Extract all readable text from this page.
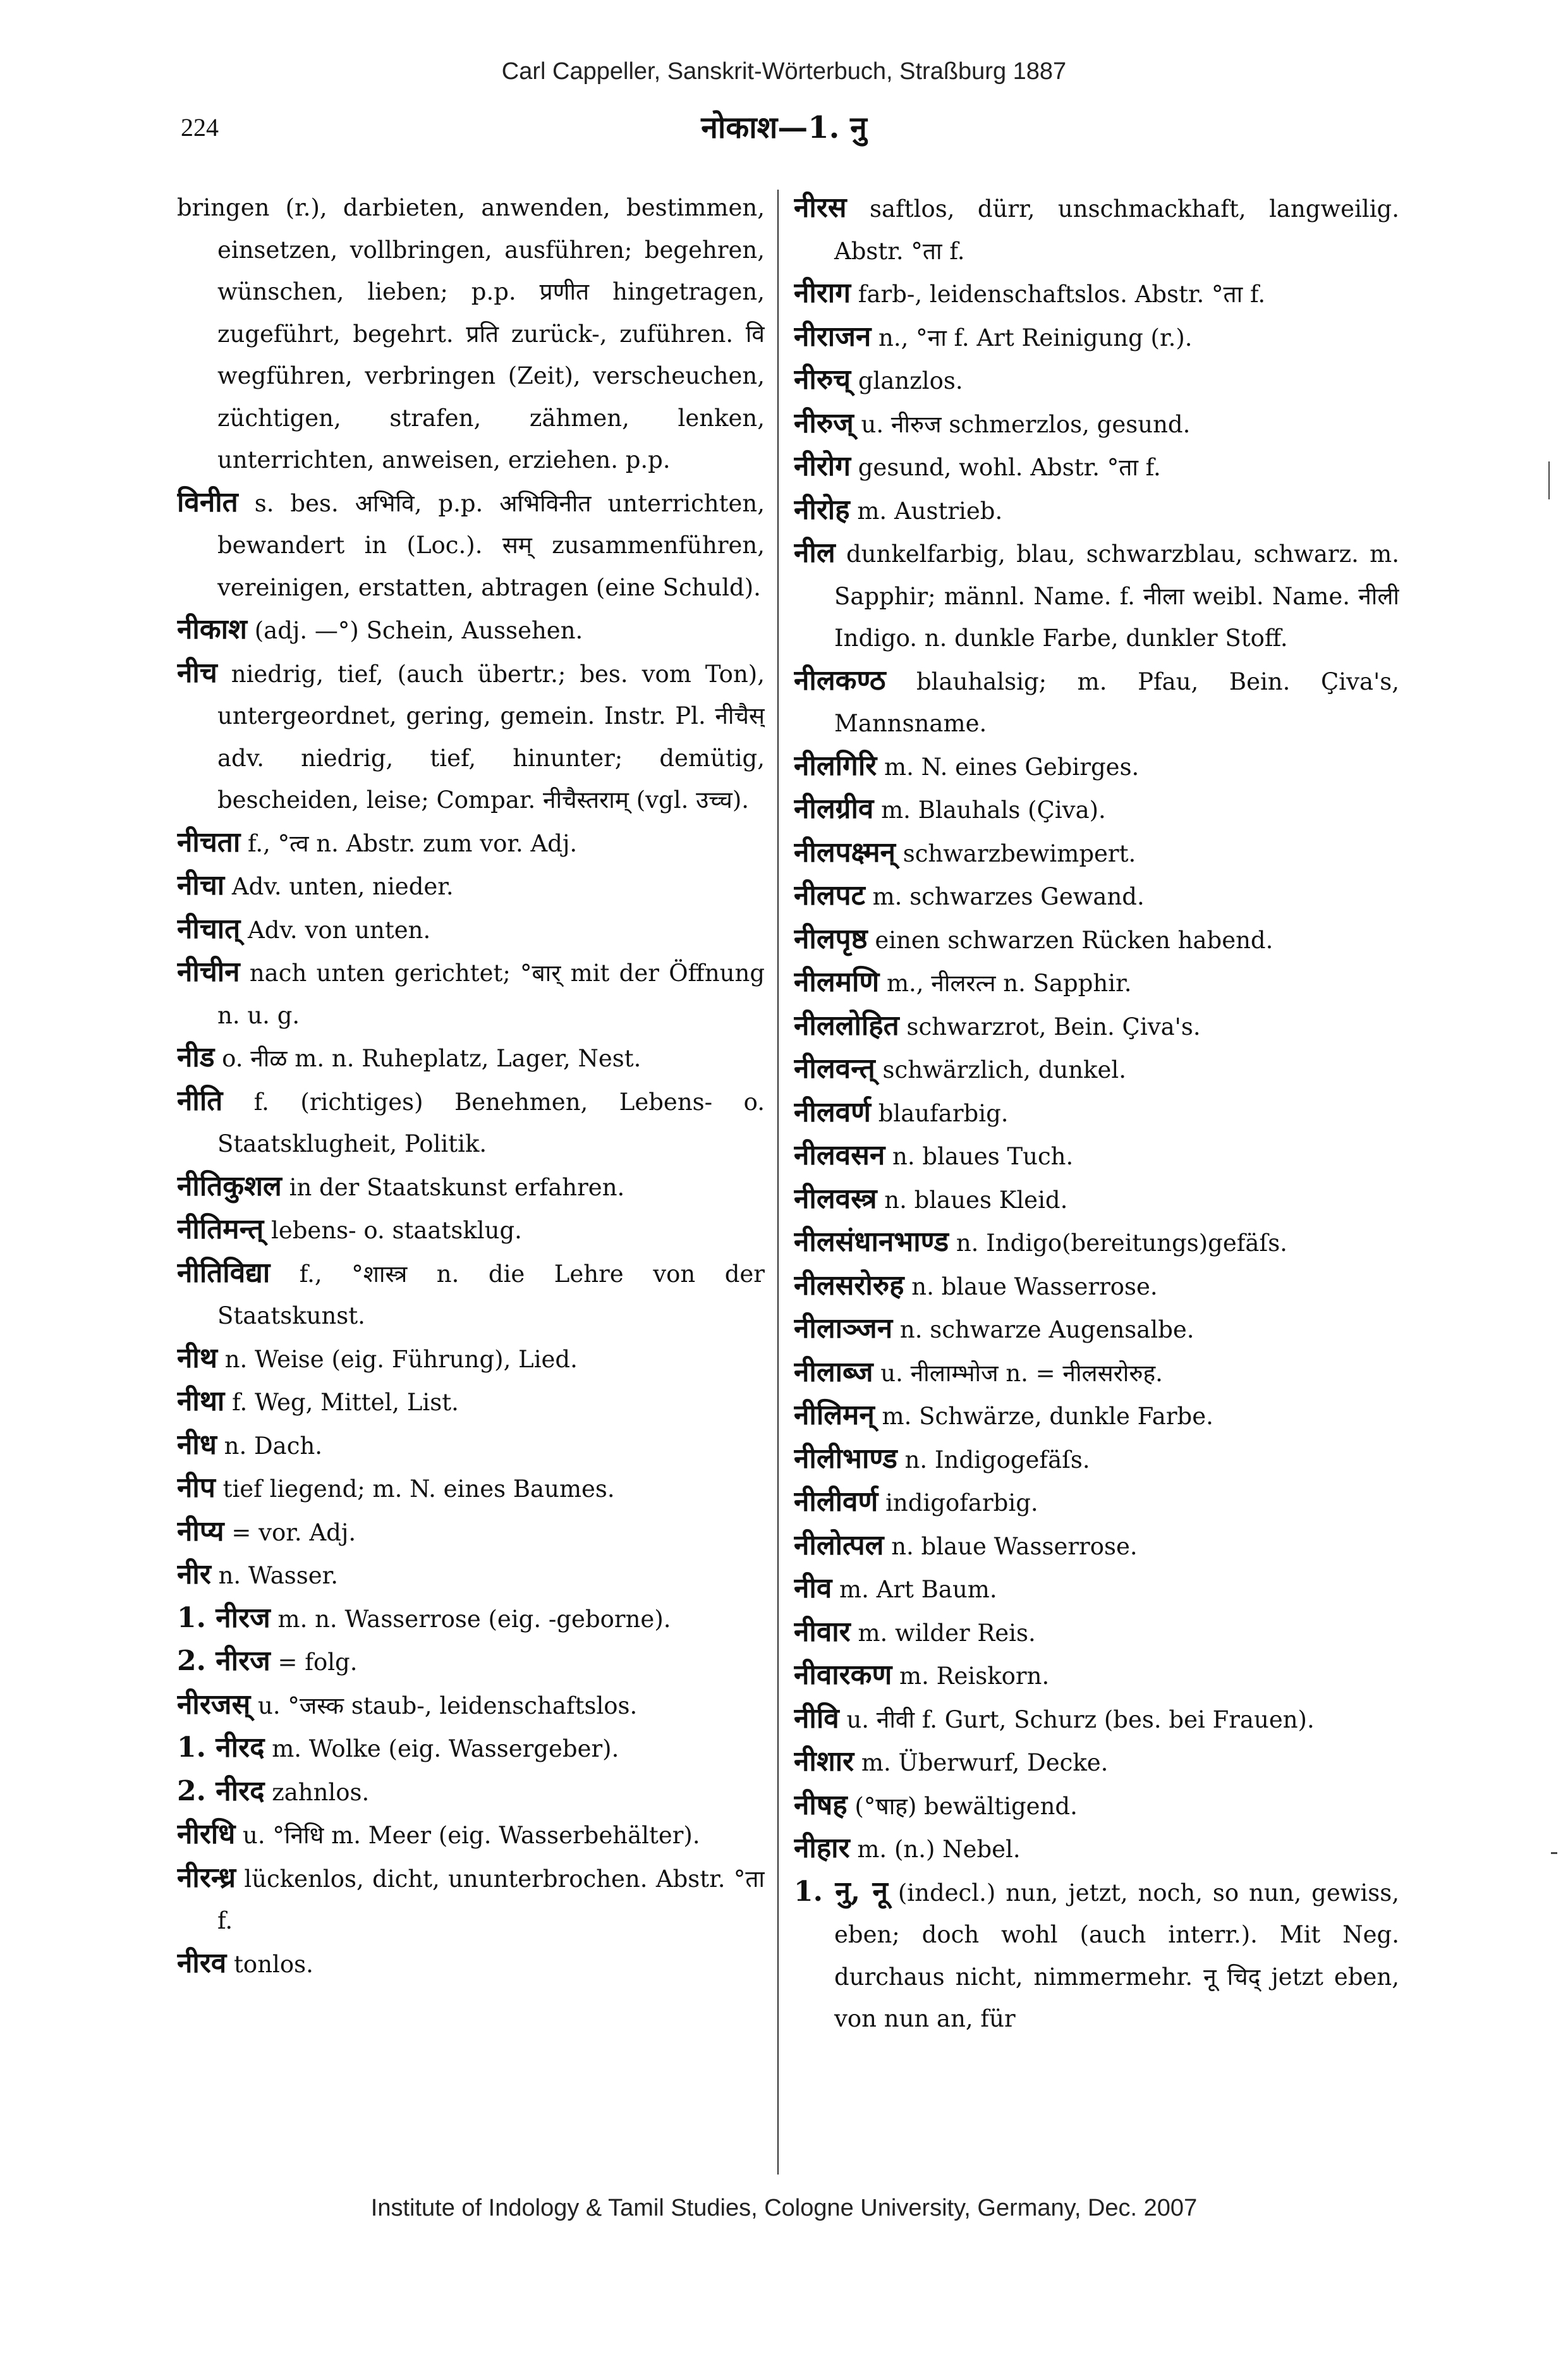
Carl Cappeller, Sanskrit-Wörterbuch, Straßburg 1887
224	नोकाश—1. नु

bringen (r.), darbieten, anwenden, bestimmen, einsetzen, vollbringen, ausführen; begehren, wünschen, lieben; p.p. प्रणीत hingetragen, zugeführt, begehrt. प्रति zurück-, zuführen. वि wegführen, verbringen (Zeit), verscheuchen, züchtigen, strafen, zähmen, lenken, unterrichten, anweisen, erziehen. p.p.

विनीत s. bes. अभिवि, p.p. अभिविनीत unterrichten, bewandert in (Loc.). सम् zusammenführen, vereinigen, erstatten, abtragen (eine Schuld).

नीकाश (adj. —°) Schein, Aussehen.

नीच niedrig, tief, (auch übertr.; bes. vom Ton), untergeordnet, gering, gemein. Instr. Pl. नीचैस् adv. niedrig, tief, hinunter; demütig, bescheiden, leise; Compar. नीचैस्तराम् (vgl. उच्च).

नीचता f., °त्व n. Abstr. zum vor. Adj.

नीचा Adv. unten, nieder.

नीचात् Adv. von unten.

नीचीन nach unten gerichtet; °बार् mit der Öffnung n. u. g.

नीड o. नीळ m. n. Ruheplatz, Lager, Nest.

नीति f. (richtiges) Benehmen, Lebens- o. Staatsklugheit, Politik.

नीतिकुशल in der Staatskunst erfahren.

नीतिमन्त् lebens- o. staatsklug.

नीतिविद्या f., °शास्त्र n. die Lehre von der Staatskunst.

नीथ n. Weise (eig. Führung), Lied.

नीथा f. Weg, Mittel, List.

नीध n. Dach.

नीप tief liegend; m. N. eines Baumes.

नीप्य = vor. Adj.

नीर n. Wasser.

1. नीरज m. n. Wasserrose (eig. -geborne).

2. नीरज = folg.

नीरजस् u. °जस्क staub-, leidenschaftslos.

1. नीरद m. Wolke (eig. Wassergeber).

2. नीरद zahnlos.

नीरधि u. °निधि m. Meer (eig. Wasserbehälter).

नीरन्ध्र lückenlos, dicht, ununterbrochen. Abstr. °ता f.

नीरव tonlos.

नीरस saftlos, dürr, unschmackhaft, langweilig. Abstr. °ता f.

नीराग farb-, leidenschaftslos. Abstr. °ता f.

नीराजन n., °ना f. Art Reinigung (r.).

नीरुच् glanzlos.

नीरुज् u. नीरुज schmerzlos, gesund.

नीरोग gesund, wohl. Abstr. °ता f.

नीरोह m. Austrieb.

नील dunkelfarbig, blau, schwarzblau, schwarz. m. Sapphir; männl. Name. f. नीला weibl. Name. नीली Indigo. n. dunkle Farbe, dunkler Stoff.

नीलकण्ठ blauhalsig; m. Pfau, Bein. Çiva's, Mannsname.

नीलगिरि m. N. eines Gebirges.

नीलग्रीव m. Blauhals (Çiva).

नीलपक्ष्मन् schwarzbewimpert.

नीलपट m. schwarzes Gewand.

नीलपृष्ठ einen schwarzen Rücken habend.

नीलमणि m., नीलरत्न n. Sapphir.

नीललोहित schwarzrot, Bein. Çiva's.

नीलवन्त् schwärzlich, dunkel.

नीलवर्ण blaufarbig.

नीलवसन n. blaues Tuch.

नीलवस्त्र n. blaues Kleid.

नीलसंधानभाण्ड n. Indigo(bereitungs)gefäſs.

नीलसरोरुह n. blaue Wasserrose.

नीलाञ्जन n. schwarze Augensalbe.

नीलाब्ज u. नीलाम्भोज n. = नीलसरोरुह.

नीलिमन् m. Schwärze, dunkle Farbe.

नीलीभाण्ड n. Indigogefäſs.

नीलीवर्ण indigofarbig.

नीलोत्पल n. blaue Wasserrose.

नीव m. Art Baum.

नीवार m. wilder Reis.

नीवारकण m. Reiskorn.

नीवि u. नीवी f. Gurt, Schurz (bes. bei Frauen).

नीशार m. Überwurf, Decke.

नीषह (°षाह) bewältigend.

नीहार m. (n.) Nebel.

1. नु, नू (indecl.) nun, jetzt, noch, so nun, gewiss, eben; doch wohl (auch interr.). Mit Neg. durchaus nicht, nimmermehr. नू चिद् jetzt eben, von nun an, für

Institute of Indology & Tamil Studies, Cologne University, Germany, Dec. 2007
